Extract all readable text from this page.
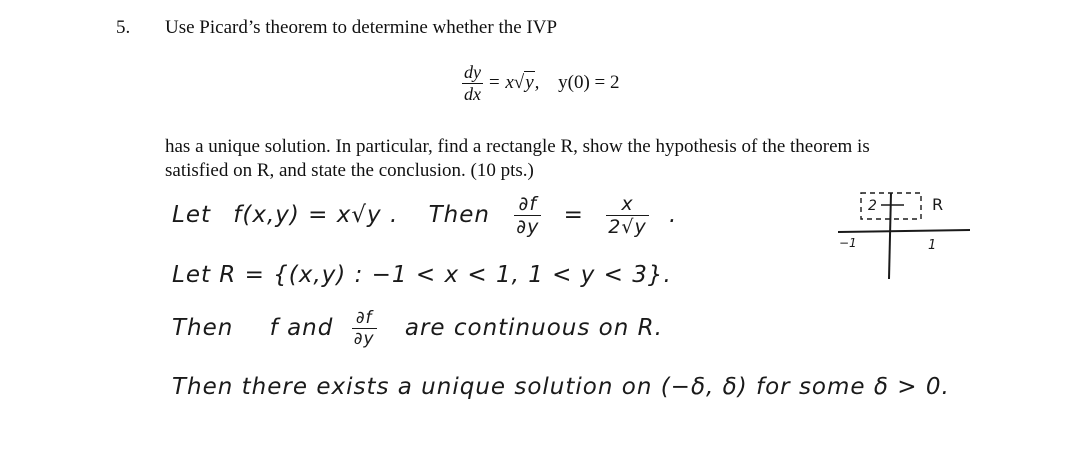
5. Use Picard’s theorem to determine whether the IVP
$\frac{dy}{dx} = x√y$, y(0) = 2
has a unique solution. In particular, find a rectangle R, show the hypothesis of the theorem is
satisfied on R, and state the conclusion. (10 pts.)
Let f(x,y) = x√y . Then $\frac{\partial f}{\partial y} = \frac{x}{2√y}$ .
Let R = {(x,y) : −1 < x < 1, 1 < y < 3}.
Then f and $\frac{\partial f}{\partial y}$ are continuous on R.
Then there exists a unique solution on (−δ, δ) for some δ > 0.
2	R
−1	1
